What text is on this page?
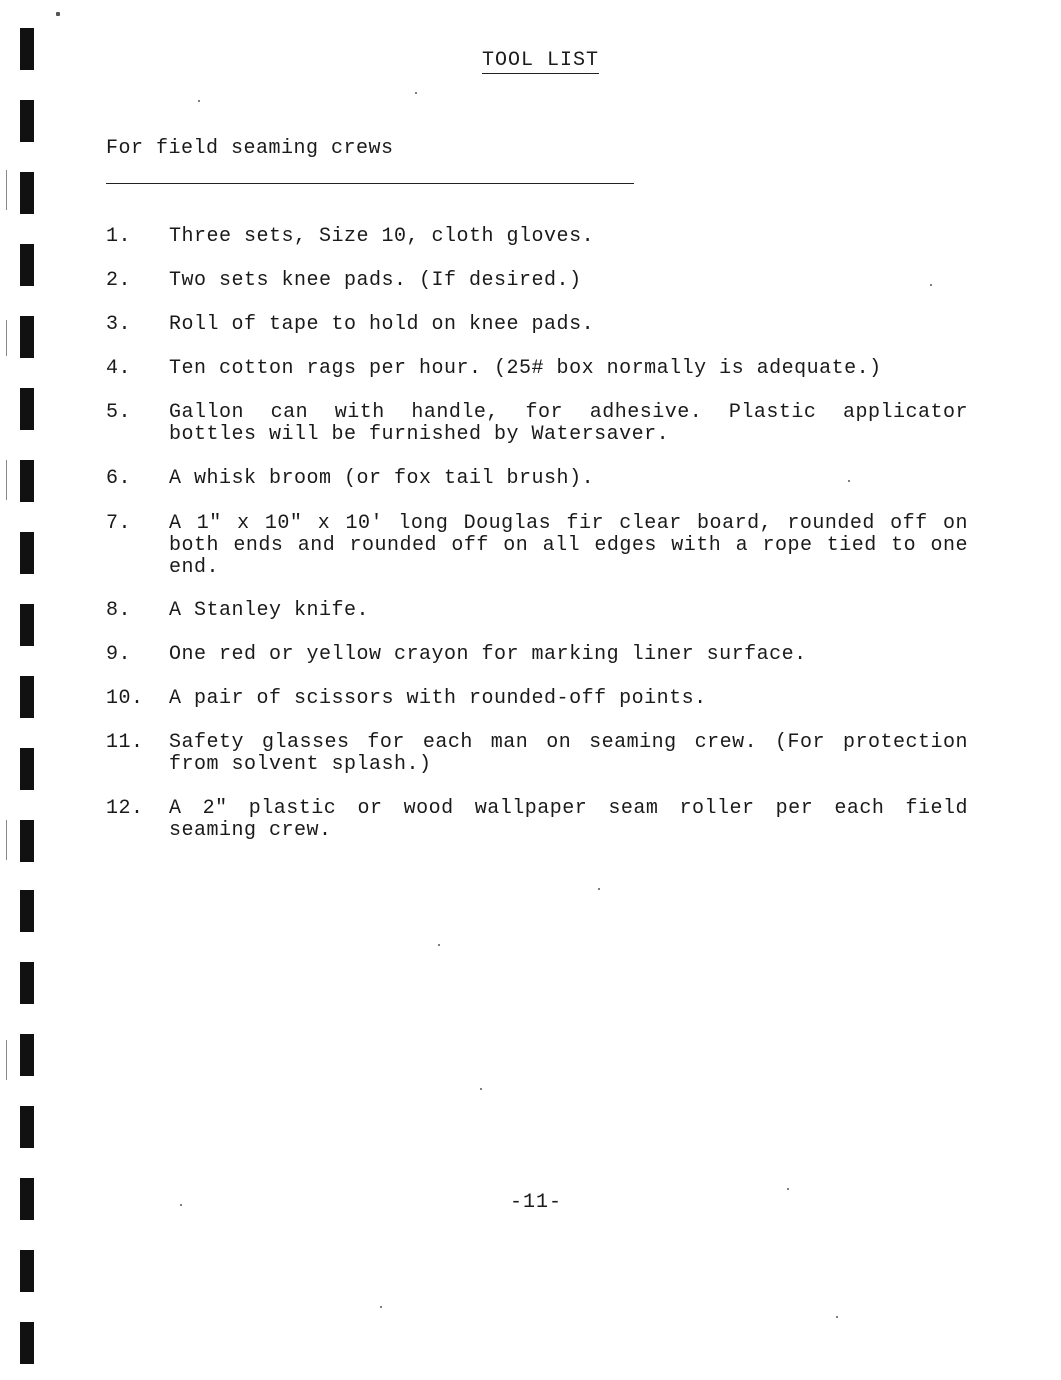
TOOL LIST
For field seaming crews
1. Three sets, Size 10, cloth gloves.
2. Two sets knee pads. (If desired.)
3. Roll of tape to hold on knee pads.
4. Ten cotton rags per hour. (25# box normally is adequate.)
5. Gallon can with handle, for adhesive. Plastic applicator bottles will be furnished by Watersaver.
6. A whisk broom (or fox tail brush).
7. A 1" x 10" x 10' long Douglas fir clear board, rounded off on both ends and rounded off on all edges with a rope tied to one end.
8. A Stanley knife.
9. One red or yellow crayon for marking liner surface.
10. A pair of scissors with rounded-off points.
11. Safety glasses for each man on seaming crew. (For protection from solvent splash.)
12. A 2" plastic or wood wallpaper seam roller per each field seaming crew.
-11-
